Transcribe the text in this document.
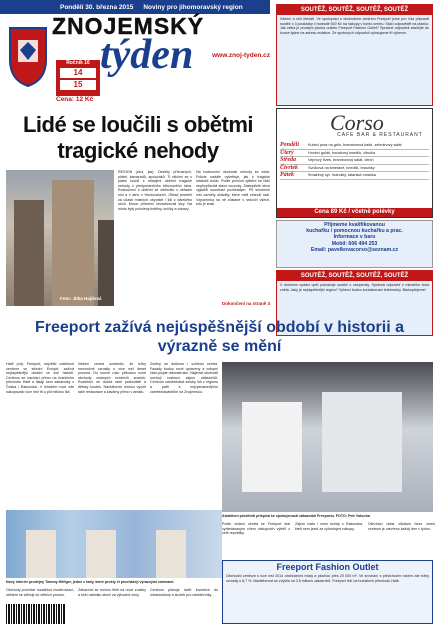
Pondělí 30. března 2015 Noviny pro jihomoravský region
ZNOJEMSKÝ
týden	www.znoj-tyden.cz
Ročník 16
14
15
Cena: 12 Kč
Lidé se loučili s obětmi tragické nehody
Foto: Jitka Hajdová
REGION (zkul, jas). Desítky příbuzných, přátel, kamarádů, spolužáků. Ti všichni se v pátek loučili s mladými oběťmi tragické nehody z předposledního březnového rána. Rozloučení s oběťmi se odehrálo v obřadní síni a v atriu v Hrušovanech. Obřad proběhl za účasti místních obyvatel i lidí z dalekého okolí. Mnozí přítomní nezadržovali slzy. Na místo byly položeny květiny, svíčky a vzkazy.
Na hodnocení okolností nehody se čeká. Policie nadále vyšetřuje, jak k tragické události došlo. Podle prvních zjištění se řidič nepřizpůsobil stavu vozovky. Zastupitelé obce vyjádřili soustrast pozůstalým. Při smuteční mši zazněly skladby, které měli zesnulí rádi. Vzpomínka na ně zůstane v srdcích všech, kdo je znali.
Dokončení na straně 3
SOUTĚŽ, SOUTĚŽ, SOUTĚŽ, SOUTĚŽ
Vážení a milí čtenáři. Ve spolupráci s obchodním centrem Freeport jsme pro Vás připravili soutěž o 3 poukázky v hodnotě 500 Kč na nákupy v tomto centru. Stačí odpovědět na otázku: Jak velká je prodejní plocha outletu Freeport Fashion Outlet? Správné odpovědi zasílejte do konce týdne na adresu redakce. Ze správných odpovědí vylosujeme tři výherce.
Corso
CAFE BAR & RESTAURANT
Pondělí	Kuřecí prsa na grilu, bramborová kaše, zeleninový salát
Úterý	Hovězí guláš, houskový knedlík, cibulka
Středa	Vepřový řízek, bramborový salát, citrón
Čtvrtek	Svíčková na smetaně, knedlík, brusinky
Pátek	Smažený sýr, hranolky, tatarská omáčka
Cena 89 Kč / včetně polévky
Přijmeme kvalifikovanou
kuchařku / pomocnou kuchařku a prac.
Informace v baru
Mobil: 606 494 253
Email: pavelkovacorso@seznam.cz
SOUTĚŽ, SOUTĚŽ, SOUTĚŽ, SOUTĚŽ
V dnešním vydání opět pokračuje soutěž o vstupenky. Správná odpověď z minulého čísla zněla: Jaký je nejúspěšnější region? Výherci budou kontaktováni telefonicky. Blahopřejeme!
Freeport zažívá nejúspěšnější období v historii a výrazně se mění
Hatě (od). Freeport, největší outletové centrum ve střední Evropě, zažívá nejúspěšnější období ve své historii. Centrum se nachází přímo na hraničním přechodu Hatě a lákají sem zákazníky z Česka i Rakouska. V loňském roce zde nakupovalo více než tři a půl milionu lidí.
Vedení centra oznámilo, že tržby meziročně vzrostly o více než deset procent. Do konce roku přibudou nové obchody známých módních značek. Rozšíření se dočká také parkoviště a dětský koutek. Návštěvníci mohou využít také restaurace a kavárny přímo v areálu.
Změny se dotknou i vzhledu centra. Fasády budou nově upraveny a vstupní část projde rekonstrukcí. Nájemci obchodů oceňují rostoucí zájem zákazníků. Centrum zaměstnává stovky lidí z regionu a patří k nejvýznamnějším zaměstnavatelům na Znojemsku.
Atraktivní prostředí přispívá ke spokojenosti zákazníků Freeportu. FOTO: Petr Vokurka
Nový interiér prodejny Tommy Hilfiger, jedné z řady, které prošly či procházejí výraznými změnami.
Obchody prochází rozsáhlou modernizací, některé se stěhují do větších prostor.
Zákazníci se mohou těšit na nové značky a širší nabídku zboží za výhodné ceny.
Centrum plánuje další investice do infrastruktury a služeb pro návštěvníky.
Podle vedení centra se Freeport stal vyhledávaným cílem nákupních výletů z celé republiky.
Zájem roste i mezi turisty z Rakouska, kteří sem jezdí za výhodnými nákupy.
Otevírací doba zůstává beze změn, centrum je otevřeno každý den v týdnu.
Freeport Fashion Outlet
Obchodní centrum s více než 2014 obchodními místy a plochou přes 20 000 m². Ve srovnání s předchozím rokem zde tržby vzrostly o 8,7 %. Návštěvnost se zvýšila na 3,5 milionu zákazníků. Freeport leží na hraničním přechodu Hatě.
